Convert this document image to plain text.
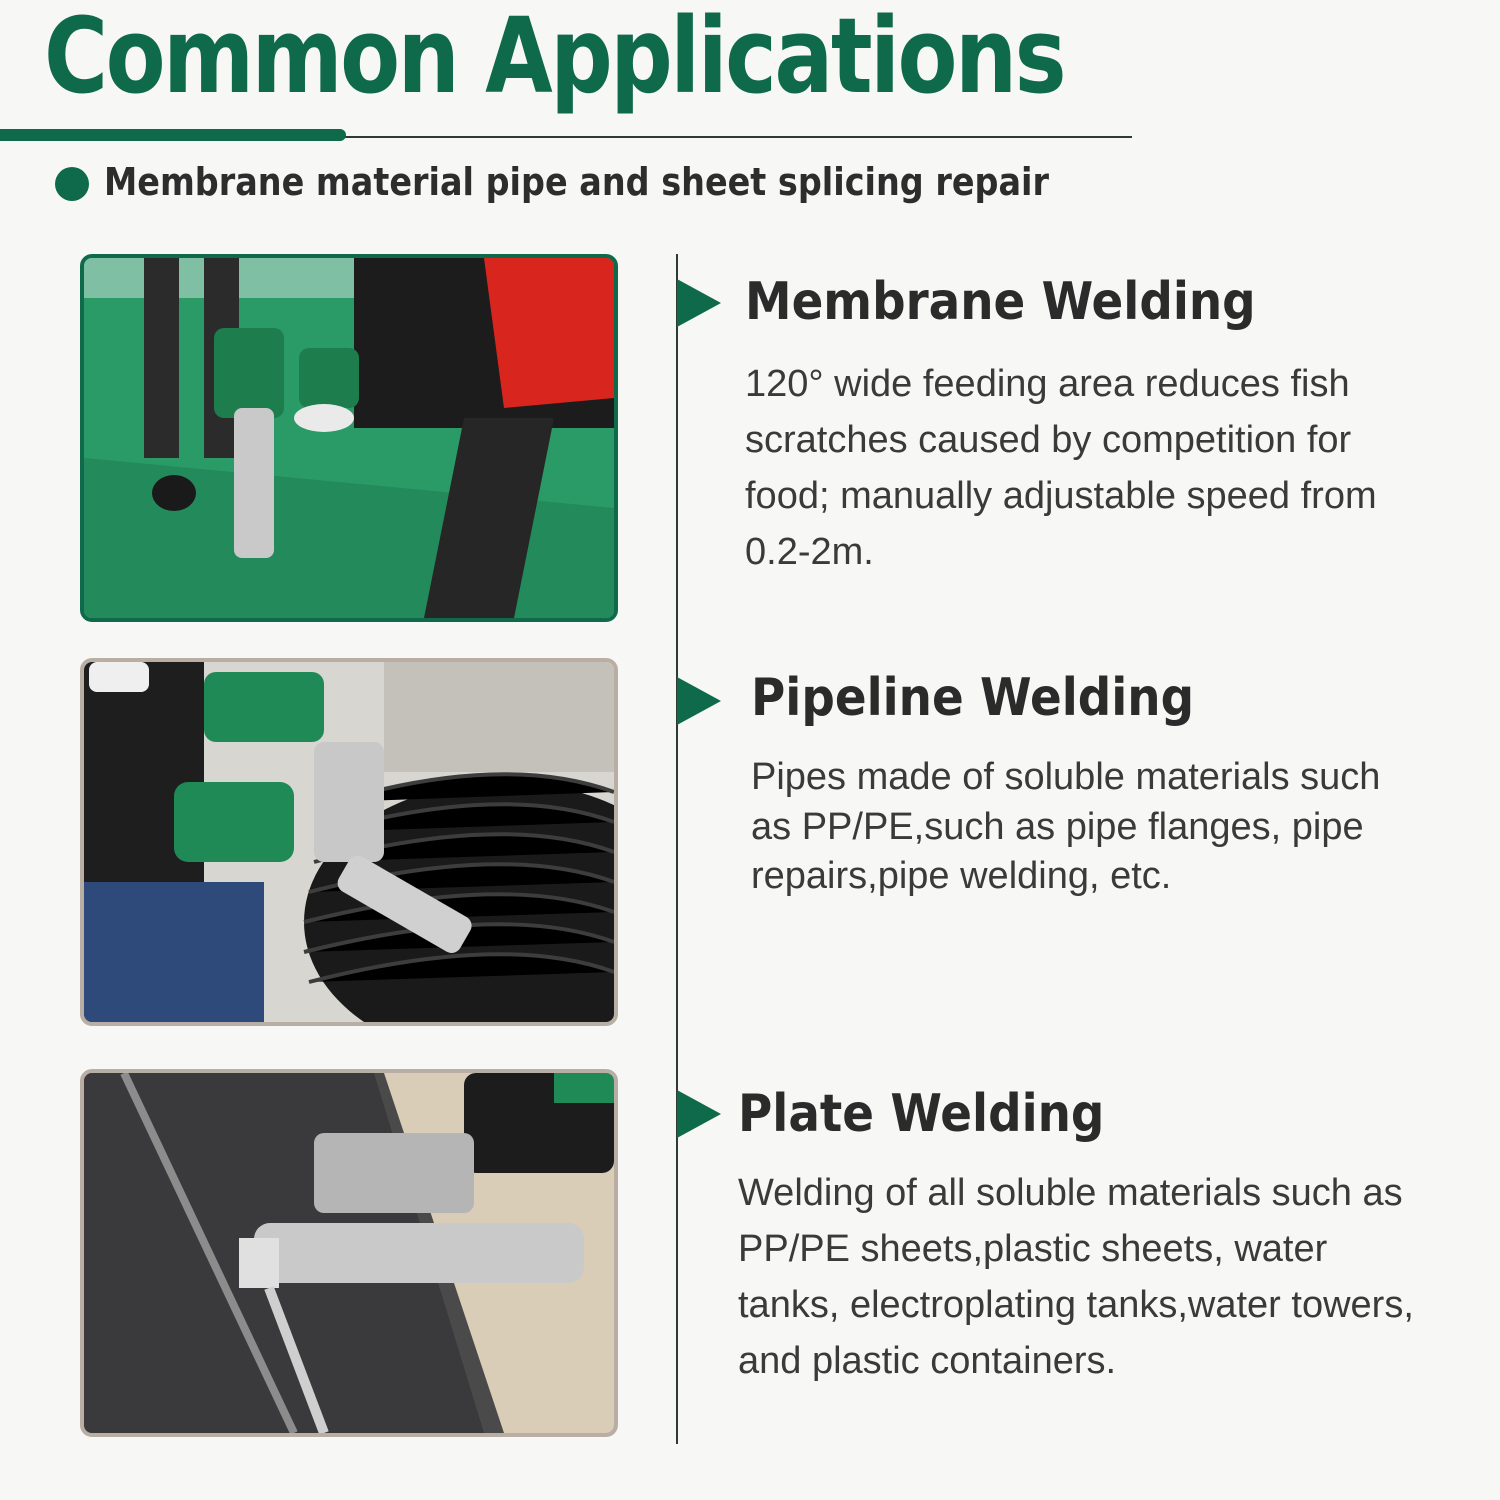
Common Applications
Membrane material pipe and sheet splicing repair
Membrane Welding
120° wide feeding area reduces fish scratches caused by competition for food; manually adjustable speed from 0.2-2m.
Pipeline Welding
Pipes made of soluble materials such as PP/PE,such as pipe flanges, pipe repairs,pipe welding, etc.
Plate Welding
Welding of all soluble materials such as PP/PE sheets,plastic sheets, water tanks, electroplating tanks,water towers, and plastic containers.
